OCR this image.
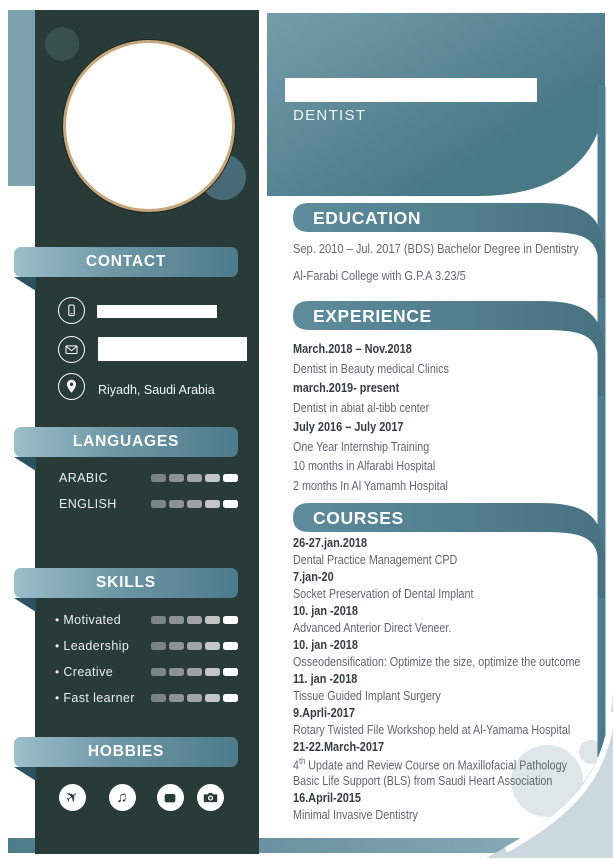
CONTACT
Riyadh, Saudi Arabia
LANGUAGES
ARABIC
ENGLISH
SKILLS
• Motivated
• Leadership
• Creative
• Fast learner
HOBBIES
✈ ♫
DENTIST
EDUCATION
Sep. 2010 – Jul. 2017 (BDS) Bachelor Degree in Dentistry
Al-Farabi College with G.P.A 3.23/5
EXPERIENCE
March.2018 – Nov.2018
Dentist in Beauty medical Clinics
march.2019- present
Dentist in abiat al-tibb center
July 2016 – July 2017
One Year Internship Training
10 months in Alfarabi Hospital
2 months In Al Yamamh Hospital
COURSES
26-27.jan.2018
Dental Practice Management CPD
7.jan-20
Socket Preservation of Dental Implant
10. jan -2018
Advanced Anterior Direct Veneer.
10. jan -2018
Osseodensification: Optimize the size, optimize the outcome
11. jan -2018
Tissue Guided Implant Surgery
9.Aprli-2017
Rotary Twisted File Workshop held at Al-Yamama Hospital
21-22.March-2017
4th Update and Review Course on Maxillofacial Pathology
Basic Life Support (BLS) from Saudi Heart Association
16.April-2015
Minimal Invasive Dentistry
